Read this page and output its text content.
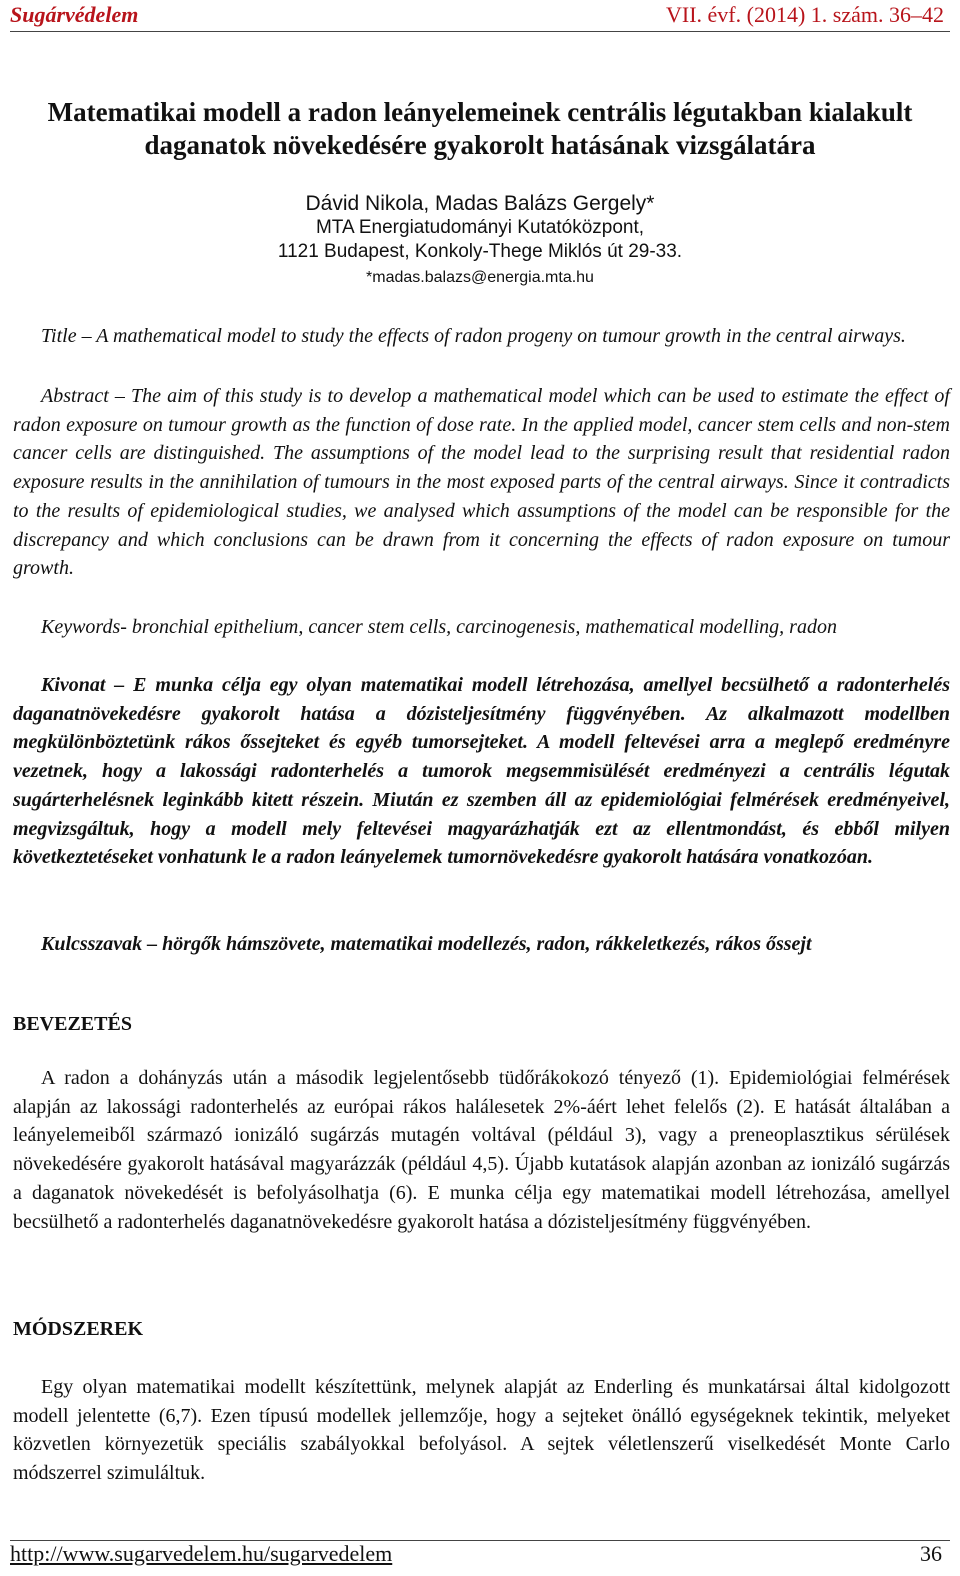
Sugárvédelem	VII. évf. (2014) 1. szám. 36–42
Matematikai modell a radon leányelemeinek centrális légutakban kialakult
daganatok növekedésére gyakorolt hatásának vizsgálatára
Dávid Nikola, Madas Balázs Gergely*
MTA Energiatudományi Kutatóközpont,
1121 Budapest, Konkoly-Thege Miklós út 29-33.
*madas.balazs@energia.mta.hu
Title – A mathematical model to study the effects of radon progeny on tumour growth in the central airways.
Abstract – The aim of this study is to develop a mathematical model which can be used to estimate the effect of radon exposure on tumour growth as the function of dose rate. In the applied model, cancer stem cells and non-stem cancer cells are distinguished. The assumptions of the model lead to the surprising result that residential radon exposure results in the annihilation of tumours in the most exposed parts of the central airways. Since it contradicts to the results of epidemiological studies, we analysed which assumptions of the model can be responsible for the discrepancy and which conclusions can be drawn from it concerning the effects of radon exposure on tumour growth.
Keywords- bronchial epithelium, cancer stem cells, carcinogenesis, mathematical modelling, radon
Kivonat – E munka célja egy olyan matematikai modell létrehozása, amellyel becsülhető a radonterhelés daganatnövekedésre gyakorolt hatása a dózisteljesítmény függvényében. Az alkalmazott modellben megkülönböztetünk rákos őssejteket és egyéb tumorsejteket. A modell feltevései arra a meglepő eredményre vezetnek, hogy a lakossági radonterhelés a tumorok megsemmisülését eredményezi a centrális légutak sugárterhelésnek leginkább kitett részein. Miután ez szemben áll az epidemiológiai felmérések eredményeivel, megvizsgáltuk, hogy a modell mely feltevései magyarázhatják ezt az ellentmondást, és ebből milyen következtetéseket vonhatunk le a radon leányelemek tumornövekedésre gyakorolt hatására vonatkozóan.
Kulcsszavak – hörgők hámszövete, matematikai modellezés, radon, rákkeletkezés, rákos őssejt
BEVEZETÉS
A radon a dohányzás után a második legjelentősebb tüdőrákokozó tényező (1). Epidemiológiai felmérések alapján az lakossági radonterhelés az európai rákos halálesetek 2%-áért lehet felelős (2). E hatását általában a leányelemeiből származó ionizáló sugárzás mutagén voltával (például 3), vagy a preneoplasztikus sérülések növekedésére gyakorolt hatásával magyarázzák (például 4,5). Újabb kutatások alapján azonban az ionizáló sugárzás a daganatok növekedését is befolyásolhatja (6). E munka célja egy matematikai modell létrehozása, amellyel becsülhető a radonterhelés daganatnövekedésre gyakorolt hatása a dózisteljesítmény függvényében.
MÓDSZEREK
Egy olyan matematikai modellt készítettünk, melynek alapját az Enderling és munkatársai által kidolgozott modell jelentette (6,7). Ezen típusú modellek jellemzője, hogy a sejteket önálló egységeknek tekintik, melyeket közvetlen környezetük speciális szabályokkal befolyásol. A sejtek véletlenszerű viselkedését Monte Carlo módszerrel szimuláltuk.
http://www.sugarvedelem.hu/sugarvedelem	36
